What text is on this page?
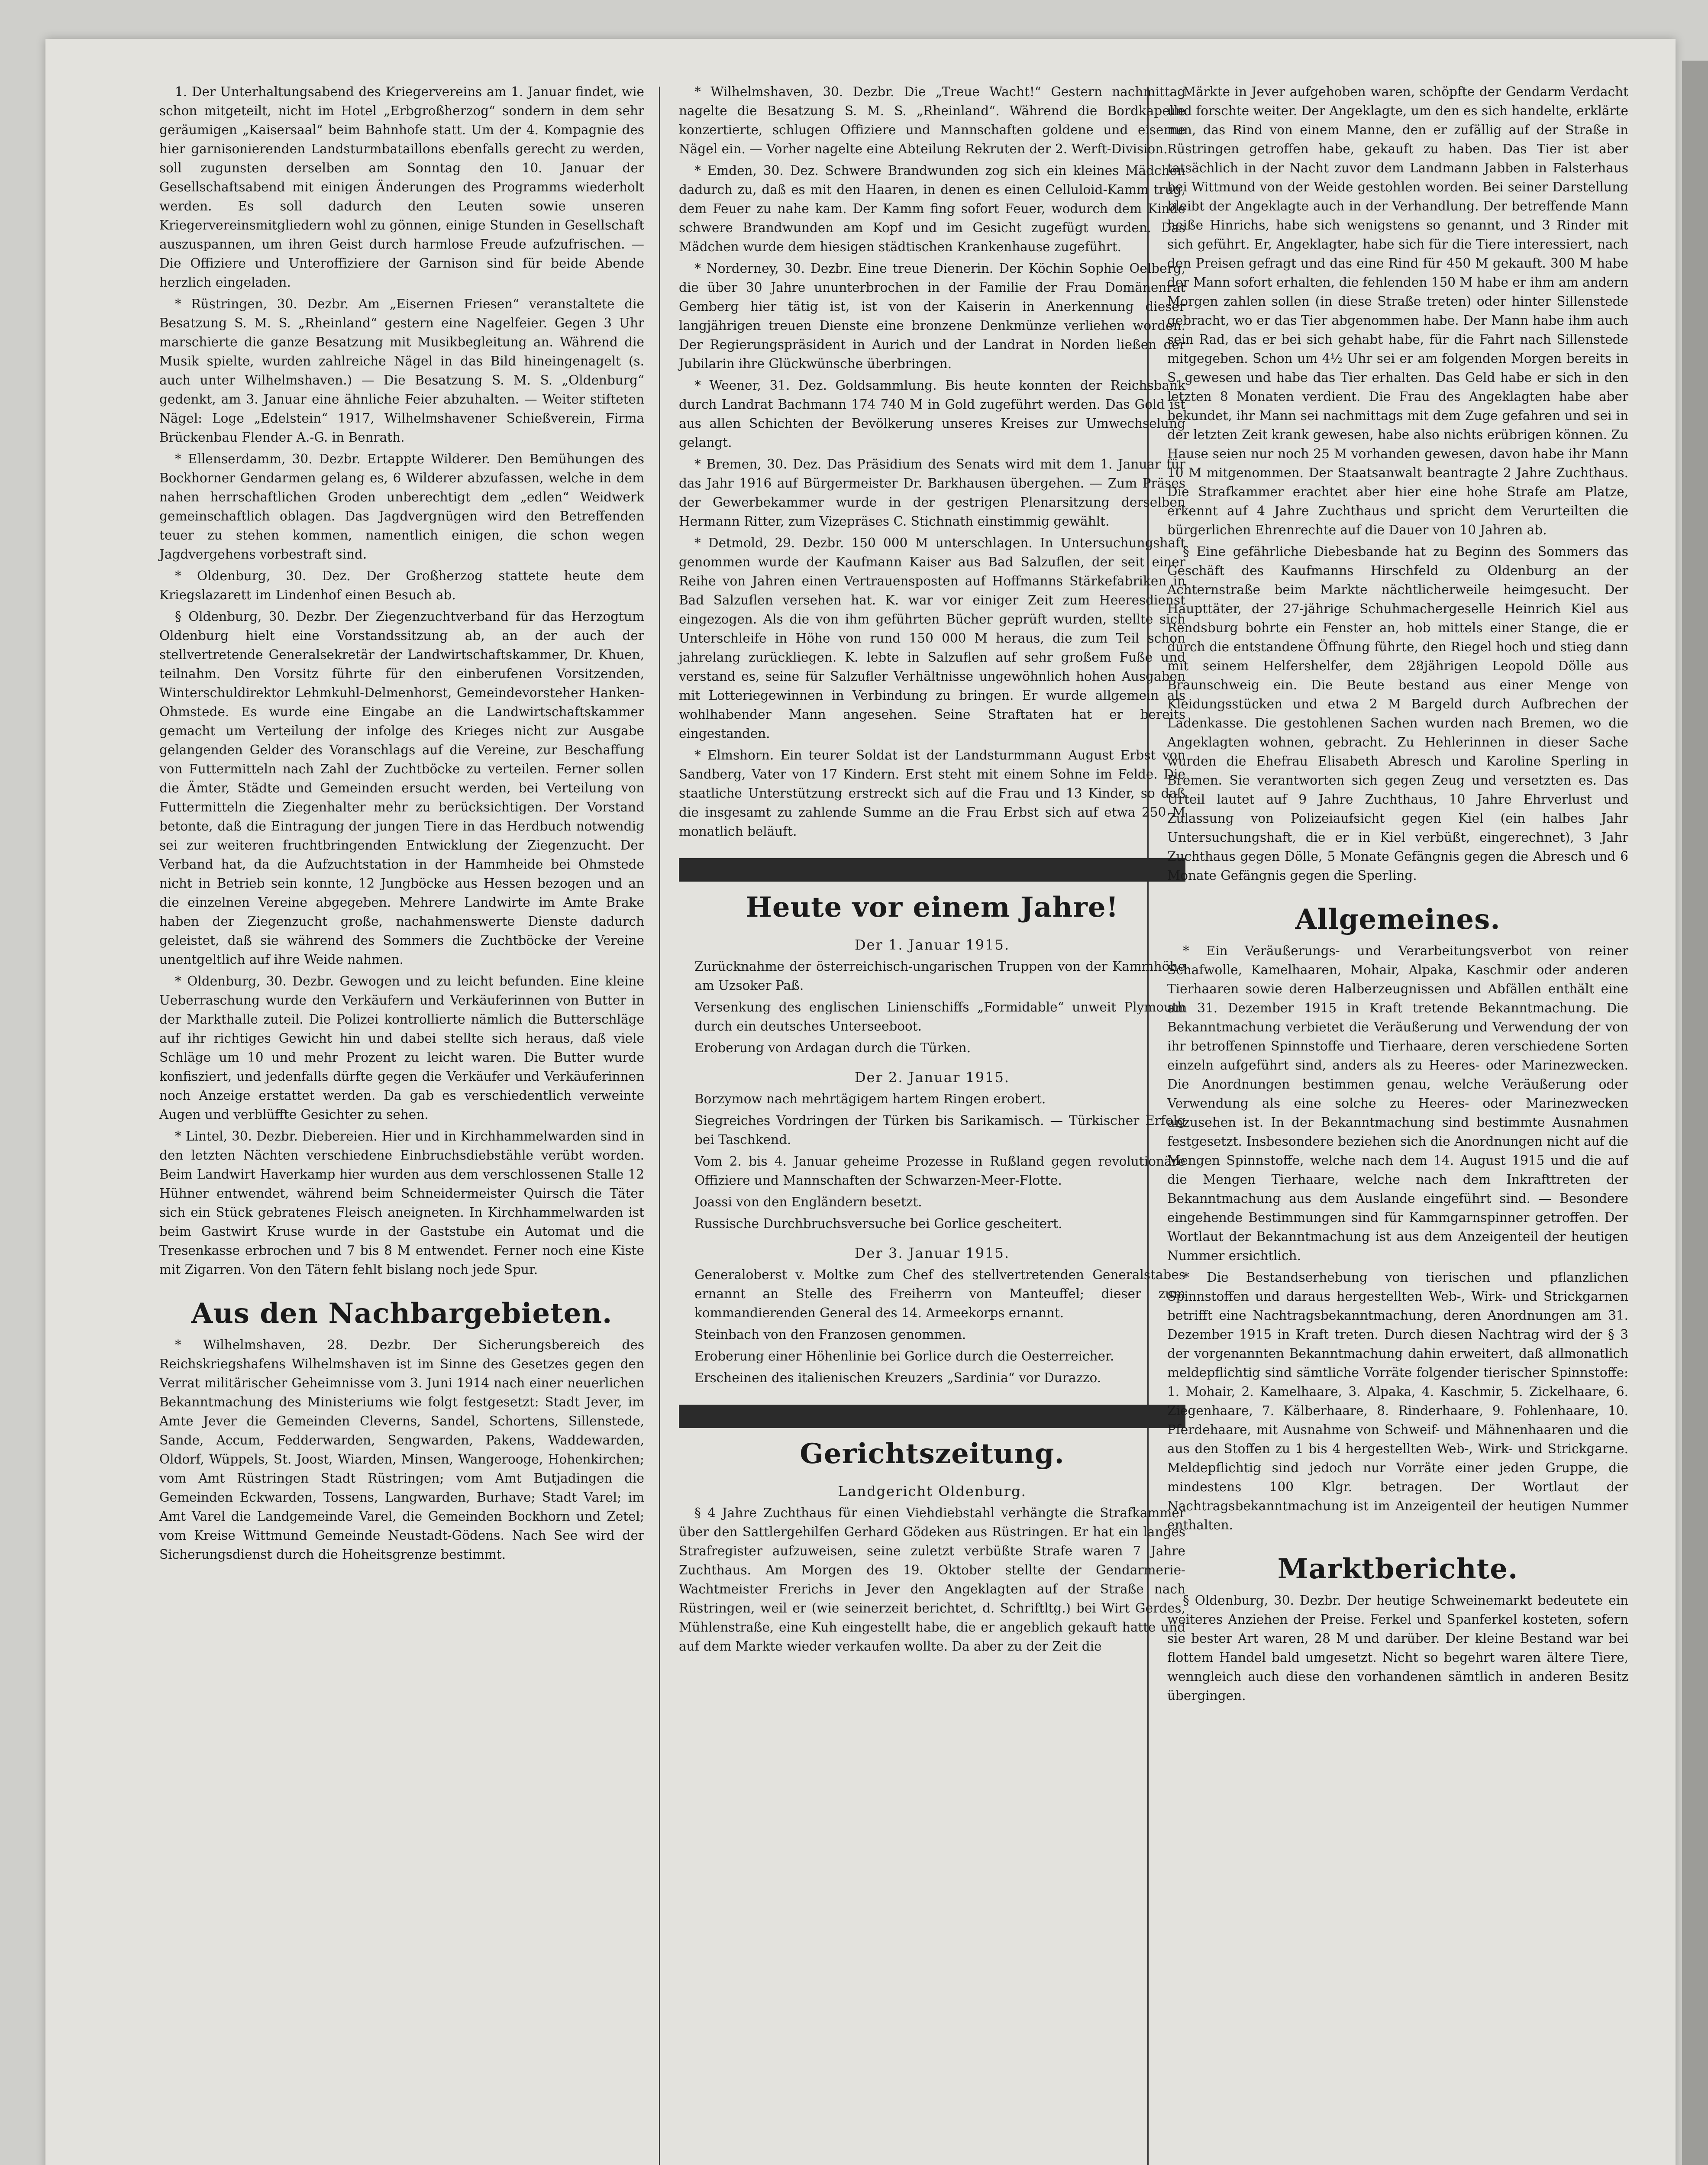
1. Der Unterhaltungsabend des Kriegervereins am 1. Januar findet, wie schon mitgeteilt, nicht im Hotel „Erbgroßherzog“ sondern in dem sehr geräumigen „Kaisersaal“ beim Bahnhofe statt. Um der 4. Kompagnie des hier garnisonierenden Landsturmbataillons ebenfalls gerecht zu werden, soll zugunsten derselben am Sonntag den 10. Januar der Gesellschaftsabend mit einigen Änderungen des Programms wiederholt werden. Es soll dadurch den Leuten sowie unseren Kriegervereinsmitgliedern wohl zu gönnen, einige Stunden in Gesellschaft auszuspannen, um ihren Geist durch harmlose Freude aufzufrischen. — Die Offiziere und Unteroffiziere der Garnison sind für beide Abende herzlich eingeladen.

* Rüstringen, 30. Dezbr. Am „Eisernen Friesen“ veranstaltete die Besatzung S. M. S. „Rheinland“ gestern eine Nagelfeier. Gegen 3 Uhr marschierte die ganze Besatzung mit Musikbegleitung an. Während die Musik spielte, wurden zahlreiche Nägel in das Bild hineingenagelt (s. auch unter Wilhelmshaven.) — Die Besatzung S. M. S. „Oldenburg“ gedenkt, am 3. Januar eine ähnliche Feier abzuhalten. — Weiter stifteten Nägel: Loge „Edelstein“ 1917, Wilhelmshavener Schießverein, Firma Brückenbau Flender A.-G. in Benrath.

* Ellenserdamm, 30. Dezbr. Ertappte Wilderer. Den Bemühungen des Bockhorner Gendarmen gelang es, 6 Wilderer abzufassen, welche in dem nahen herrschaftlichen Groden unberechtigt dem „edlen“ Weidwerk gemeinschaftlich oblagen. Das Jagdvergnügen wird den Betreffenden teuer zu stehen kommen, namentlich einigen, die schon wegen Jagdvergehens vorbestraft sind.

* Oldenburg, 30. Dez. Der Großherzog stattete heute dem Kriegslazarett im Lindenhof einen Besuch ab.

§ Oldenburg, 30. Dezbr. Der Ziegenzuchtverband für das Herzogtum Oldenburg hielt eine Vorstandssitzung ab, an der auch der stellvertretende Generalsekretär der Landwirtschaftskammer, Dr. Khuen, teilnahm. Den Vorsitz führte für den einberufenen Vorsitzenden, Winterschuldirektor Lehmkuhl-Delmenhorst, Gemeindevorsteher Hanken-Ohmstede. Es wurde eine Eingabe an die Landwirtschaftskammer gemacht um Verteilung der infolge des Krieges nicht zur Ausgabe gelangenden Gelder des Voranschlags auf die Vereine, zur Beschaffung von Futtermitteln nach Zahl der Zuchtböcke zu verteilen. Ferner sollen die Ämter, Städte und Gemeinden ersucht werden, bei Verteilung von Futtermitteln die Ziegenhalter mehr zu berücksichtigen. Der Vorstand betonte, daß die Eintragung der jungen Tiere in das Herdbuch notwendig sei zur weiteren fruchtbringenden Entwicklung der Ziegenzucht. Der Verband hat, da die Aufzuchtstation in der Hammheide bei Ohmstede nicht in Betrieb sein konnte, 12 Jungböcke aus Hessen bezogen und an die einzelnen Vereine abgegeben. Mehrere Landwirte im Amte Brake haben der Ziegenzucht große, nachahmenswerte Dienste dadurch geleistet, daß sie während des Sommers die Zuchtböcke der Vereine unentgeltlich auf ihre Weide nahmen.

* Oldenburg, 30. Dezbr. Gewogen und zu leicht befunden. Eine kleine Ueberraschung wurde den Verkäufern und Verkäuferinnen von Butter in der Markthalle zuteil. Die Polizei kontrollierte nämlich die Butterschläge auf ihr richtiges Gewicht hin und dabei stellte sich heraus, daß viele Schläge um 10 und mehr Prozent zu leicht waren. Die Butter wurde konfisziert, und jedenfalls dürfte gegen die Verkäufer und Verkäuferinnen noch Anzeige erstattet werden. Da gab es verschiedentlich verweinte Augen und verblüffte Gesichter zu sehen.

* Lintel, 30. Dezbr. Diebereien. Hier und in Kirchhammelwarden sind in den letzten Nächten verschiedene Einbruchsdiebstähle verübt worden. Beim Landwirt Haverkamp hier wurden aus dem verschlossenen Stalle 12 Hühner entwendet, während beim Schneidermeister Quirsch die Täter sich ein Stück gebratenes Fleisch aneigneten. In Kirchhammelwarden ist beim Gastwirt Kruse wurde in der Gaststube ein Automat und die Tresenkasse erbrochen und 7 bis 8 M entwendet. Ferner noch eine Kiste mit Zigarren. Von den Tätern fehlt bislang noch jede Spur.

Aus den Nachbargebieten.

* Wilhelmshaven, 28. Dezbr. Der Sicherungsbereich des Reichskriegshafens Wilhelmshaven ist im Sinne des Gesetzes gegen den Verrat militärischer Geheimnisse vom 3. Juni 1914 nach einer neuerlichen Bekanntmachung des Ministeriums wie folgt festgesetzt: Stadt Jever, im Amte Jever die Gemeinden Cleverns, Sandel, Schortens, Sillenstede, Sande, Accum, Fedderwarden, Sengwarden, Pakens, Waddewarden, Oldorf, Wüppels, St. Joost, Wiarden, Minsen, Wangerooge, Hohenkirchen; vom Amt Rüstringen Stadt Rüstringen; vom Amt Butjadingen die Gemeinden Eckwarden, Tossens, Langwarden, Burhave; Stadt Varel; im Amt Varel die Landgemeinde Varel, die Gemeinden Bockhorn und Zetel; vom Kreise Wittmund Gemeinde Neustadt-Gödens. Nach See wird der Sicherungsdienst durch die Hoheitsgrenze bestimmt.

* Wilhelmshaven, 30. Dezbr. Die „Treue Wacht!“ Gestern nachmittag nagelte die Besatzung S. M. S. „Rheinland“. Während die Bordkapelle konzertierte, schlugen Offiziere und Mannschaften goldene und eiserne Nägel ein. — Vorher nagelte eine Abteilung Rekruten der 2. Werft-Division.

* Emden, 30. Dez. Schwere Brandwunden zog sich ein kleines Mädchen dadurch zu, daß es mit den Haaren, in denen es einen Celluloid-Kamm trug, dem Feuer zu nahe kam. Der Kamm fing sofort Feuer, wodurch dem Kinde schwere Brandwunden am Kopf und im Gesicht zugefügt wurden. Das Mädchen wurde dem hiesigen städtischen Krankenhause zugeführt.

* Norderney, 30. Dezbr. Eine treue Dienerin. Der Köchin Sophie Oelberg, die über 30 Jahre ununterbrochen in der Familie der Frau Domänenrat Gemberg hier tätig ist, ist von der Kaiserin in Anerkennung dieser langjährigen treuen Dienste eine bronzene Denkmünze verliehen worden. Der Regierungspräsident in Aurich und der Landrat in Norden ließen der Jubilarin ihre Glückwünsche überbringen.

* Weener, 31. Dez. Goldsammlung. Bis heute konnten der Reichsbank durch Landrat Bachmann 174 740 M in Gold zugeführt werden. Das Gold ist aus allen Schichten der Bevölkerung unseres Kreises zur Umwechselung gelangt.

* Bremen, 30. Dez. Das Präsidium des Senats wird mit dem 1. Januar für das Jahr 1916 auf Bürgermeister Dr. Barkhausen übergehen. — Zum Präses der Gewerbekammer wurde in der gestrigen Plenarsitzung derselben Hermann Ritter, zum Vizepräses C. Stichnath einstimmig gewählt.

* Detmold, 29. Dezbr. 150 000 M unterschlagen. In Untersuchungshaft genommen wurde der Kaufmann Kaiser aus Bad Salzuflen, der seit einer Reihe von Jahren einen Vertrauensposten auf Hoffmanns Stärkefabriken in Bad Salzuflen versehen hat. K. war vor einiger Zeit zum Heeresdienst eingezogen. Als die von ihm geführten Bücher geprüft wurden, stellte sich Unterschleife in Höhe von rund 150 000 M heraus, die zum Teil schon jahrelang zurückliegen. K. lebte in Salzuflen auf sehr großem Fuße und verstand es, seine für Salzufler Verhältnisse ungewöhnlich hohen Ausgaben mit Lotteriegewinnen in Verbindung zu bringen. Er wurde allgemein als wohlhabender Mann angesehen. Seine Straftaten hat er bereits eingestanden.

* Elmshorn. Ein teurer Soldat ist der Landsturmmann August Erbst von Sandberg, Vater von 17 Kindern. Erst steht mit einem Sohne im Felde. Die staatliche Unterstützung erstreckt sich auf die Frau und 13 Kinder, so daß die insgesamt zu zahlende Summe an die Frau Erbst sich auf etwa 250 M monatlich beläuft.

Heute vor einem Jahre!
Der 1. Januar 1915.

Zurücknahme der österreichisch-ungarischen Truppen von der Kammhöhe am Uzsoker Paß.

Versenkung des englischen Linienschiffs „Formidable“ unweit Plymouth durch ein deutsches Unterseeboot.

Eroberung von Ardagan durch die Türken.

Der 2. Januar 1915.

Borzymow nach mehrtägigem hartem Ringen erobert.

Siegreiches Vordringen der Türken bis Sarikamisch. — Türkischer Erfolg bei Taschkend.

Vom 2. bis 4. Januar geheime Prozesse in Rußland gegen revolutionäre Offiziere und Mannschaften der Schwarzen-Meer-Flotte.

Joassi von den Engländern besetzt.

Russische Durchbruchsversuche bei Gorlice gescheitert.

Der 3. Januar 1915.

Generaloberst v. Moltke zum Chef des stellvertretenden Generalstabes ernannt an Stelle des Freiherrn von Manteuffel; dieser zum kommandierenden General des 14. Armeekorps ernannt.

Steinbach von den Franzosen genommen.

Eroberung einer Höhenlinie bei Gorlice durch die Oesterreicher.

Erscheinen des italienischen Kreuzers „Sardinia“ vor Durazzo.

Gerichtszeitung.
Landgericht Oldenburg.

§ 4 Jahre Zuchthaus für einen Viehdiebstahl verhängte die Strafkammer über den Sattlergehilfen Gerhard Gödeken aus Rüstringen. Er hat ein langes Strafregister aufzuweisen, seine zuletzt verbüßte Strafe waren 7 Jahre Zuchthaus. Am Morgen des 19. Oktober stellte der Gendarmerie-Wachtmeister Frerichs in Jever den Angeklagten auf der Straße nach Rüstringen, weil er (wie seinerzeit berichtet, d. Schriftltg.) bei Wirt Gerdes, Mühlenstraße, eine Kuh eingestellt habe, die er angeblich gekauft hatte und auf dem Markte wieder verkaufen wollte. Da aber zu der Zeit die

Märkte in Jever aufgehoben waren, schöpfte der Gendarm Verdacht und forschte weiter. Der Angeklagte, um den es sich handelte, erklärte nun, das Rind von einem Manne, den er zufällig auf der Straße in Rüstringen getroffen habe, gekauft zu haben. Das Tier ist aber tatsächlich in der Nacht zuvor dem Landmann Jabben in Falsterhaus bei Wittmund von der Weide gestohlen worden. Bei seiner Darstellung bleibt der Angeklagte auch in der Verhandlung. Der betreffende Mann heiße Hinrichs, habe sich wenigstens so genannt, und 3 Rinder mit sich geführt. Er, Angeklagter, habe sich für die Tiere interessiert, nach den Preisen gefragt und das eine Rind für 450 M gekauft. 300 M habe der Mann sofort erhalten, die fehlenden 150 M habe er ihm am andern Morgen zahlen sollen (in diese Straße treten) oder hinter Sillenstede gebracht, wo er das Tier abgenommen habe. Der Mann habe ihm auch sein Rad, das er bei sich gehabt habe, für die Fahrt nach Sillenstede mitgegeben. Schon um 4½ Uhr sei er am folgenden Morgen bereits in S. gewesen und habe das Tier erhalten. Das Geld habe er sich in den letzten 8 Monaten verdient. Die Frau des Angeklagten habe aber bekundet, ihr Mann sei nachmittags mit dem Zuge gefahren und sei in der letzten Zeit krank gewesen, habe also nichts erübrigen können. Zu Hause seien nur noch 25 M vorhanden gewesen, davon habe ihr Mann 10 M mitgenommen. Der Staatsanwalt beantragte 2 Jahre Zuchthaus. Die Strafkammer erachtet aber hier eine hohe Strafe am Platze, erkennt auf 4 Jahre Zuchthaus und spricht dem Verurteilten die bürgerlichen Ehrenrechte auf die Dauer von 10 Jahren ab.

§ Eine gefährliche Diebesbande hat zu Beginn des Sommers das Geschäft des Kaufmanns Hirschfeld zu Oldenburg an der Achternstraße beim Markte nächtlicherweile heimgesucht. Der Haupttäter, der 27-jährige Schuhmachergeselle Heinrich Kiel aus Rendsburg bohrte ein Fenster an, hob mittels einer Stange, die er durch die entstandene Öffnung führte, den Riegel hoch und stieg dann mit seinem Helfershelfer, dem 28jährigen Leopold Dölle aus Braunschweig ein. Die Beute bestand aus einer Menge von Kleidungsstücken und etwa 2 M Bargeld durch Aufbrechen der Ladenkasse. Die gestohlenen Sachen wurden nach Bremen, wo die Angeklagten wohnen, gebracht. Zu Hehlerinnen in dieser Sache wurden die Ehefrau Elisabeth Abresch und Karoline Sperling in Bremen. Sie verantworten sich gegen Zeug und versetzten es. Das Urteil lautet auf 9 Jahre Zuchthaus, 10 Jahre Ehrverlust und Zulassung von Polizeiaufsicht gegen Kiel (ein halbes Jahr Untersuchungshaft, die er in Kiel verbüßt, eingerechnet), 3 Jahr Zuchthaus gegen Dölle, 5 Monate Gefängnis gegen die Abresch und 6 Monate Gefängnis gegen die Sperling.

Allgemeines.

* Ein Veräußerungs- und Verarbeitungsverbot von reiner Schafwolle, Kamelhaaren, Mohair, Alpaka, Kaschmir oder anderen Tierhaaren sowie deren Halberzeugnissen und Abfällen enthält eine am 31. Dezember 1915 in Kraft tretende Bekanntmachung. Die Bekanntmachung verbietet die Veräußerung und Verwendung der von ihr betroffenen Spinnstoffe und Tierhaare, deren verschiedene Sorten einzeln aufgeführt sind, anders als zu Heeres- oder Marinezwecken. Die Anordnungen bestimmen genau, welche Veräußerung oder Verwendung als eine solche zu Heeres- oder Marinezwecken anzusehen ist. In der Bekanntmachung sind bestimmte Ausnahmen festgesetzt. Insbesondere beziehen sich die Anordnungen nicht auf die Mengen Spinnstoffe, welche nach dem 14. August 1915 und die auf die Mengen Tierhaare, welche nach dem Inkrafttreten der Bekanntmachung aus dem Auslande eingeführt sind. — Besondere eingehende Bestimmungen sind für Kammgarnspinner getroffen. Der Wortlaut der Bekanntmachung ist aus dem Anzeigenteil der heutigen Nummer ersichtlich.

* Die Bestandserhebung von tierischen und pflanzlichen Spinnstoffen und daraus hergestellten Web-, Wirk- und Strickgarnen betrifft eine Nachtragsbekanntmachung, deren Anordnungen am 31. Dezember 1915 in Kraft treten. Durch diesen Nachtrag wird der § 3 der vorgenannten Bekanntmachung dahin erweitert, daß allmonatlich meldepflichtig sind sämtliche Vorräte folgender tierischer Spinnstoffe: 1. Mohair, 2. Kamelhaare, 3. Alpaka, 4. Kaschmir, 5. Zickelhaare, 6. Ziegenhaare, 7. Kälberhaare, 8. Rinderhaare, 9. Fohlenhaare, 10. Pferdehaare, mit Ausnahme von Schweif- und Mähnenhaaren und die aus den Stoffen zu 1 bis 4 hergestellten Web-, Wirk- und Strickgarne. Meldepflichtig sind jedoch nur Vorräte einer jeden Gruppe, die mindestens 100 Klgr. betragen. Der Wortlaut der Nachtragsbekanntmachung ist im Anzeigenteil der heutigen Nummer enthalten.

Marktberichte.

§ Oldenburg, 30. Dezbr. Der heutige Schweinemarkt bedeutete ein weiteres Anziehen der Preise. Ferkel und Spanferkel kosteten, sofern sie bester Art waren, 28 M und darüber. Der kleine Bestand war bei flottem Handel bald umgesetzt. Nicht so begehrt waren ältere Tiere, wenngleich auch diese den vorhandenen sämtlich in anderen Besitz übergingen.
